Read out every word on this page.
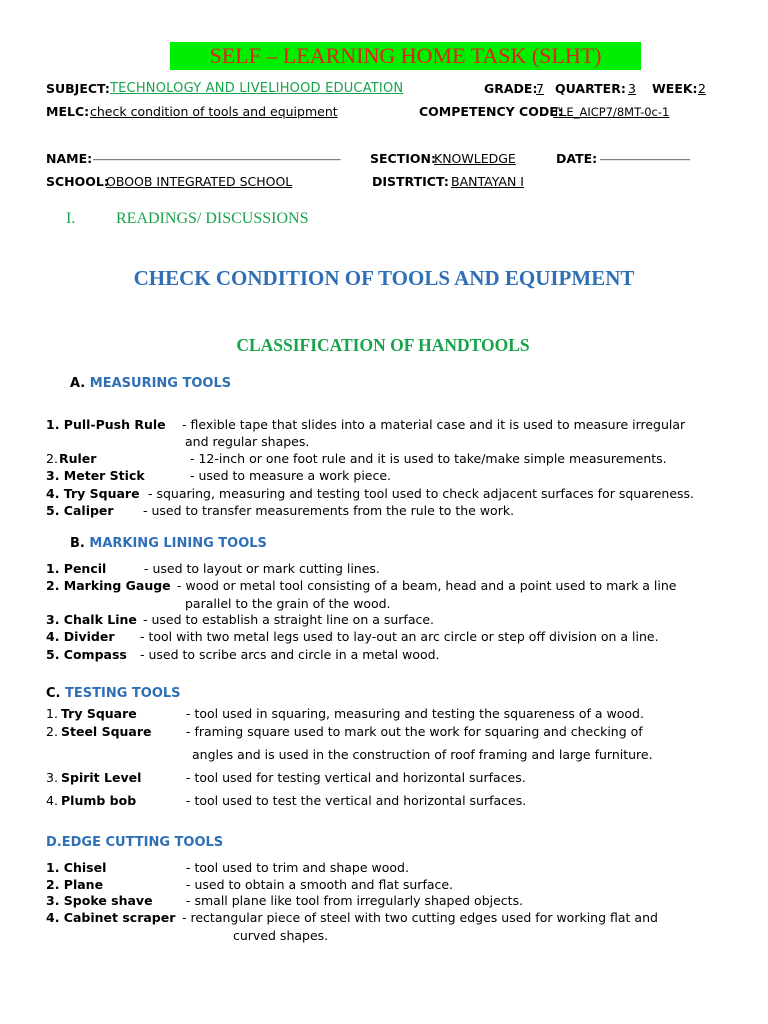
SELF – LEARNING HOME TASK (SLHT)
SUBJECT: TECHNOLOGY AND LIVELIHOOD EDUCATION	GRADE:
7 QUARTER: 3 WEEK: 2
MELC: check condition of tools and equipment	COMPETENCY CODE:
TLE_AICP7/8MT-0c-1
NAME: _______________________________________________________	SECTION:
KNOWLEDGE	DATE: ____________________
SCHOOL:
OBOOB INTEGRATED SCHOOL	DISTRTICT: BANTAYAN I
I.	READINGS/ DISCUSSIONS
CHECK CONDITION OF TOOLS AND EQUIPMENT
CLASSIFICATION OF HANDTOOLS
A. MEASURING TOOLS
1. Pull-Push Rule - flexible tape that slides into a material case and it is used to measure irregular
and regular shapes.
2. Ruler	- 12-inch or one foot rule and it is used to take/make simple measurements.
3. Meter Stick	- used to measure a work piece.
4. Try Square - squaring, measuring and testing tool used to check adjacent surfaces for squareness.
5. Caliper - used to transfer measurements from the rule to the work.
B. MARKING LINING TOOLS
1. Pencil	- used to layout or mark cutting lines.
2. Marking Gauge - wood or metal tool consisting of a beam, head and a point used to mark a line
parallel to the grain of the wood.
3. Chalk Line - used to establish a straight line on a surface.
4. Divider - tool with two metal legs used to lay-out an arc circle or step off division on a line.
5. Compass - used to scribe arcs and circle in a metal wood.
C. TESTING TOOLS
1. Try Square	- tool used in squaring, measuring and testing the squareness of a wood.
2. Steel Square	- framing square used to mark out the work for squaring and checking of
angles and is used in the construction of roof framing and large furniture.
3. Spirit Level	- tool used for testing vertical and horizontal surfaces.
4. Plumb bob	- tool used to test the vertical and horizontal surfaces.
D.EDGE CUTTING TOOLS
1. Chisel	- tool used to trim and shape wood.
2. Plane	- used to obtain a smooth and flat surface.
3. Spoke shave	- small plane like tool from irregularly shaped objects.
4. Cabinet scraper - rectangular piece of steel with two cutting edges used for working flat and
curved shapes.
